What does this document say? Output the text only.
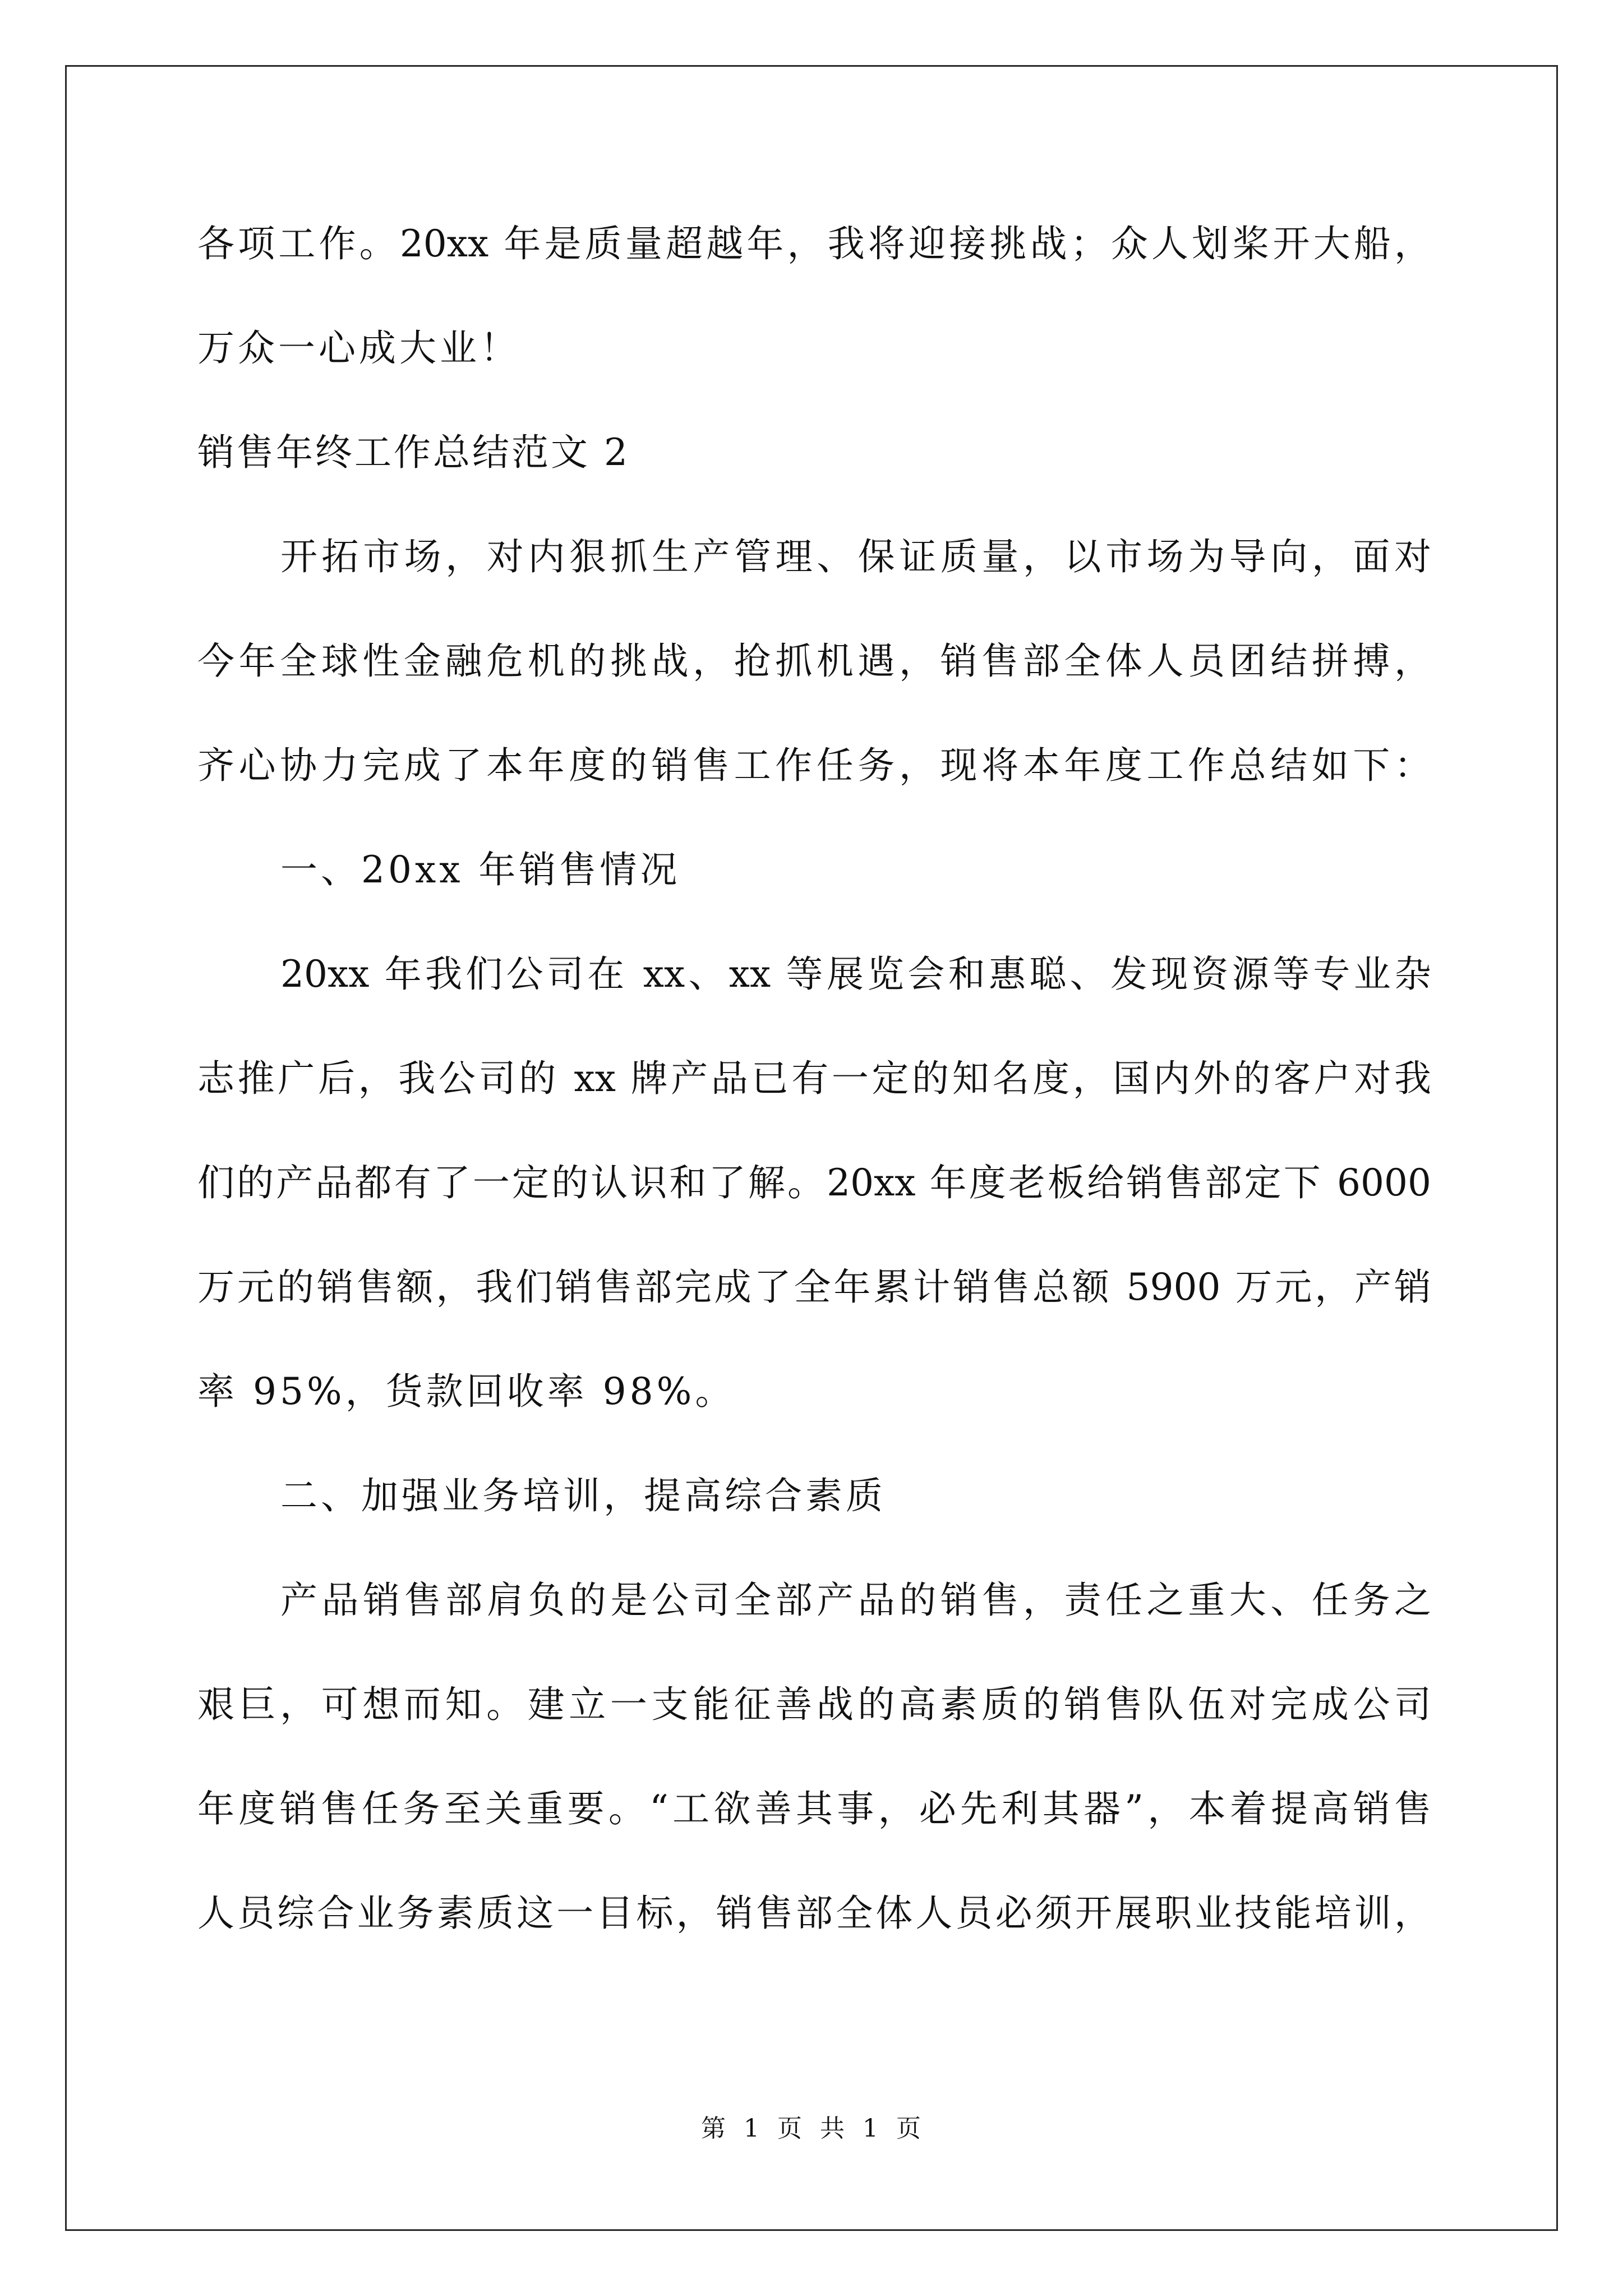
各项工作。20xx 年是质量超越年，我将迎接挑战；众人划桨开大船，
万众一心成大业！
销售年终工作总结范文 2
开拓市场，对内狠抓生产管理、保证质量，以市场为导向，面对
今年全球性金融危机的挑战，抢抓机遇，销售部全体人员团结拼搏，
齐心协力完成了本年度的销售工作任务，现将本年度工作总结如下：
一、20xx 年销售情况
20xx 年我们公司在 xx、xx 等展览会和惠聪、发现资源等专业杂
志推广后，我公司的 xx 牌产品已有一定的知名度，国内外的客户对我
们的产品都有了一定的认识和了解。20xx 年度老板给销售部定下 6000
万元的销售额，我们销售部完成了全年累计销售总额 5900 万元，产销
率 95%，货款回收率 98%。
二、加强业务培训，提高综合素质
产品销售部肩负的是公司全部产品的销售，责任之重大、任务之
艰巨，可想而知。建立一支能征善战的高素质的销售队伍对完成公司
年度销售任务至关重要。“工欲善其事，必先利其器”，本着提高销售
人员综合业务素质这一目标，销售部全体人员必须开展职业技能培训，
第 1 页 共 1 页
